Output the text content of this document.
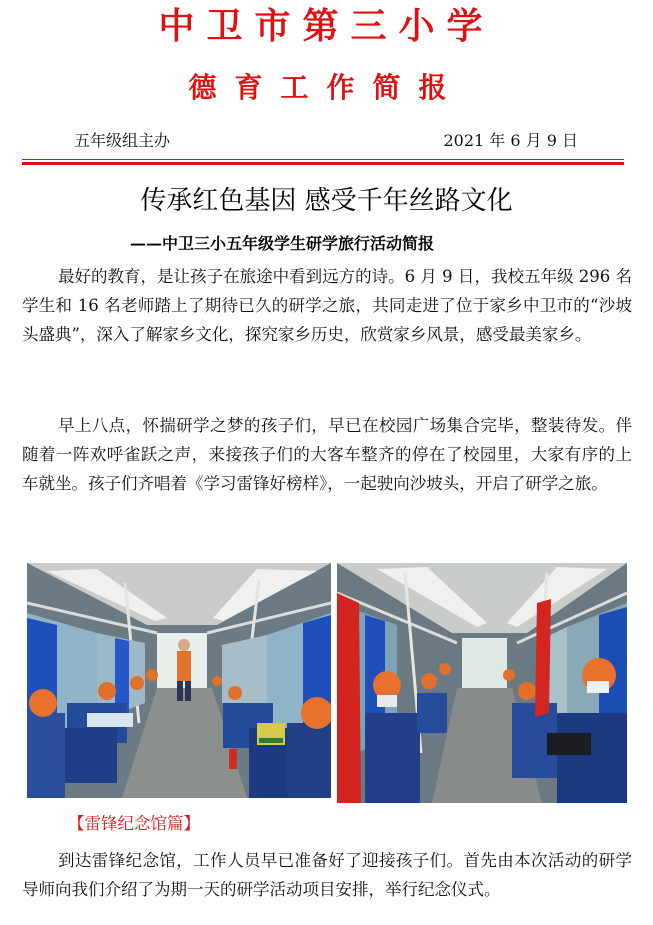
中卫市第三小学
德育工作简报
五年级组主办	2021 年 6 月 9 日
传承红色基因 感受千年丝路文化
——中卫三小五年级学生研学旅行活动简报

最好的教育，是让孩子在旅途中看到远方的诗。6 月 9 日，我校五年级 296 名学生和 16 名老师踏上了期待已久的研学之旅，共同走进了位于家乡中卫市的“沙坡头盛典”，深入了解家乡文化，探究家乡历史，欣赏家乡风景，感受最美家乡。

早上八点，怀揣研学之梦的孩子们，早已在校园广场集合完毕，整装待发。伴随着一阵欢呼雀跃之声，来接孩子们的大客车整齐的停在了校园里，大家有序的上车就坐。孩子们齐唱着《学习雷锋好榜样》，一起驶向沙坡头，开启了研学之旅。

【雷锋纪念馆篇】

到达雷锋纪念馆，工作人员早已准备好了迎接孩子们。首先由本次活动的研学导师向我们介绍了为期一天的研学活动项目安排，举行纪念仪式。
